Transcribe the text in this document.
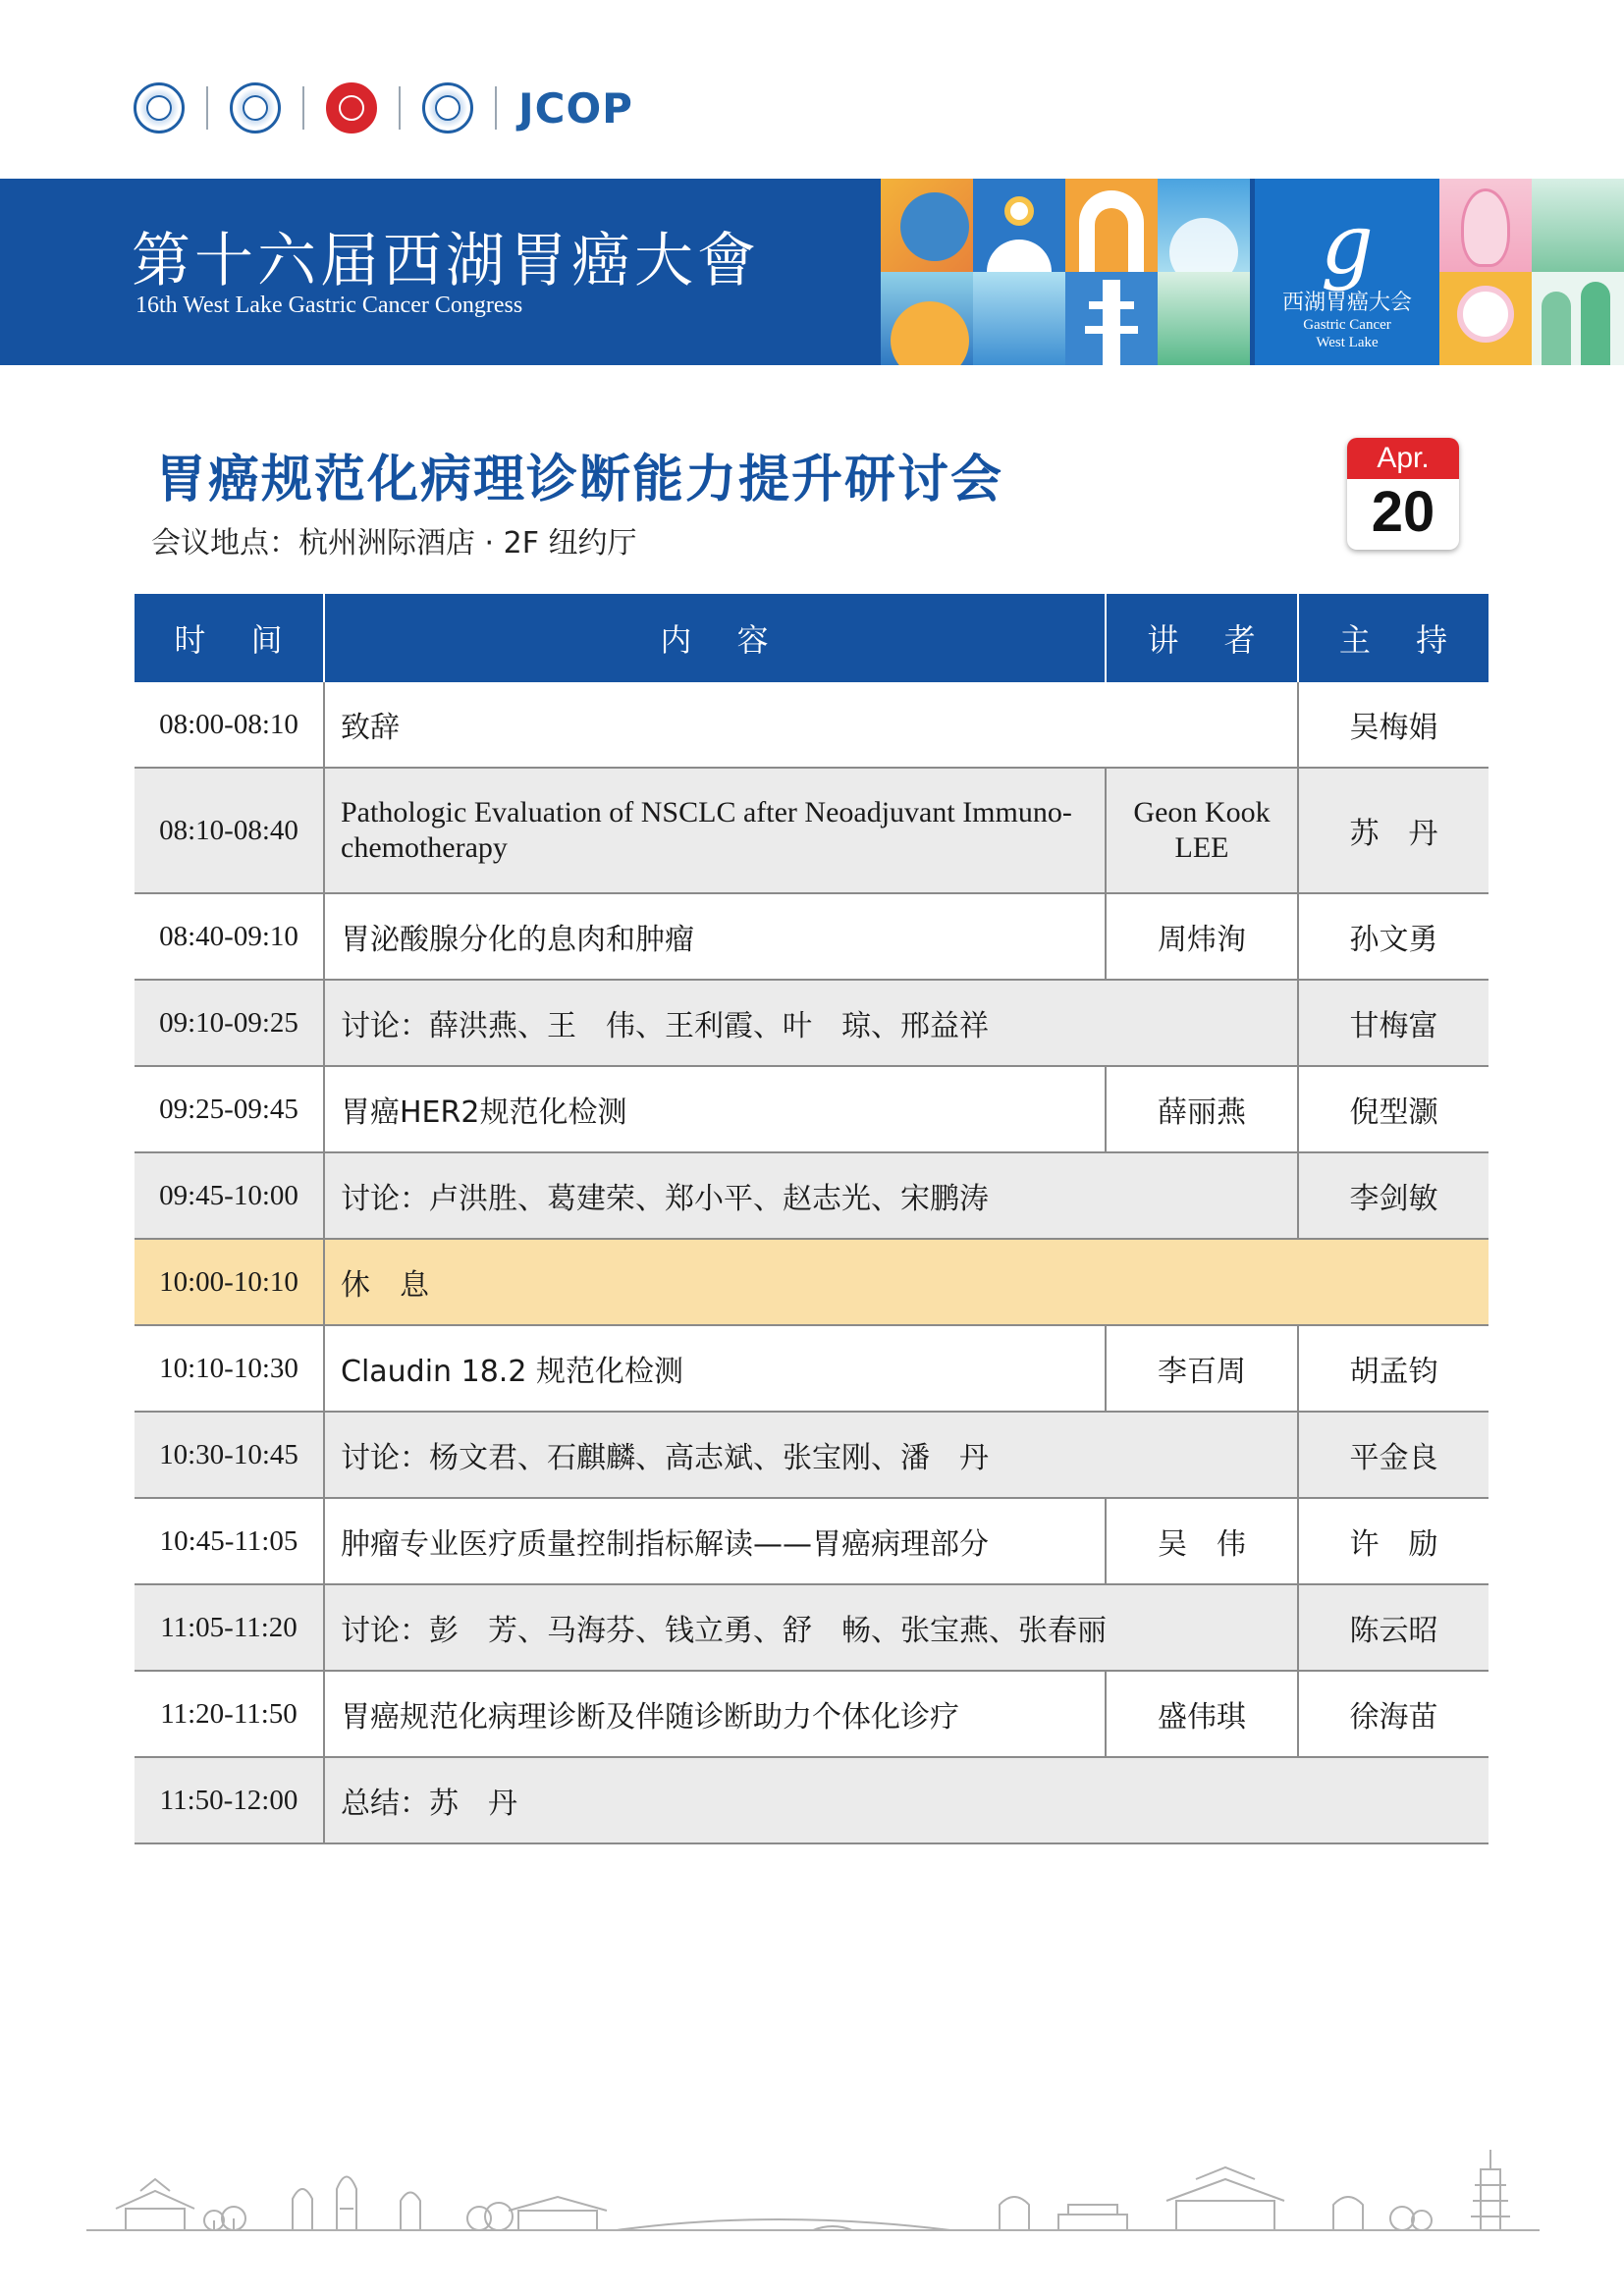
JCOP
第十六届西湖胃癌大會
16th West Lake Gastric Cancer Congress
g
西湖胃癌大会
Gastric Cancer
West Lake
胃癌规范化病理诊断能力提升研讨会
会议地点：杭州洲际酒店 · 2F 纽约厅
Apr.
20
时 间	内 容	讲 者	主 持
08:00-08:10	致辞		吴梅娟
08:10-08:40	Pathologic Evaluation of NSCLC after Neoadjuvant Immuno-chemotherapy	Geon Kook LEE	苏　丹
08:40-09:10	胃泌酸腺分化的息肉和肿瘤	周炜洵	孙文勇
09:10-09:25	讨论：薛洪燕、王　伟、王利霞、叶　琼、邢益祥		甘梅富
09:25-09:45	胃癌HER2规范化检测	薛丽燕	倪型灏
09:45-10:00	讨论：卢洪胜、葛建荣、郑小平、赵志光、宋鹏涛		李剑敏
10:00-10:10	休　息		
10:10-10:30	Claudin 18.2 规范化检测	李百周	胡孟钧
10:30-10:45	讨论：杨文君、石麒麟、高志斌、张宝刚、潘　丹		平金良
10:45-11:05	肿瘤专业医疗质量控制指标解读——胃癌病理部分	吴　伟	许　励
11:05-11:20	讨论：彭　芳、马海芬、钱立勇、舒　畅、张宝燕、张春丽		陈云昭
11:20-11:50	胃癌规范化病理诊断及伴随诊断助力个体化诊疗	盛伟琪	徐海苗
11:50-12:00	总结：苏　丹		
